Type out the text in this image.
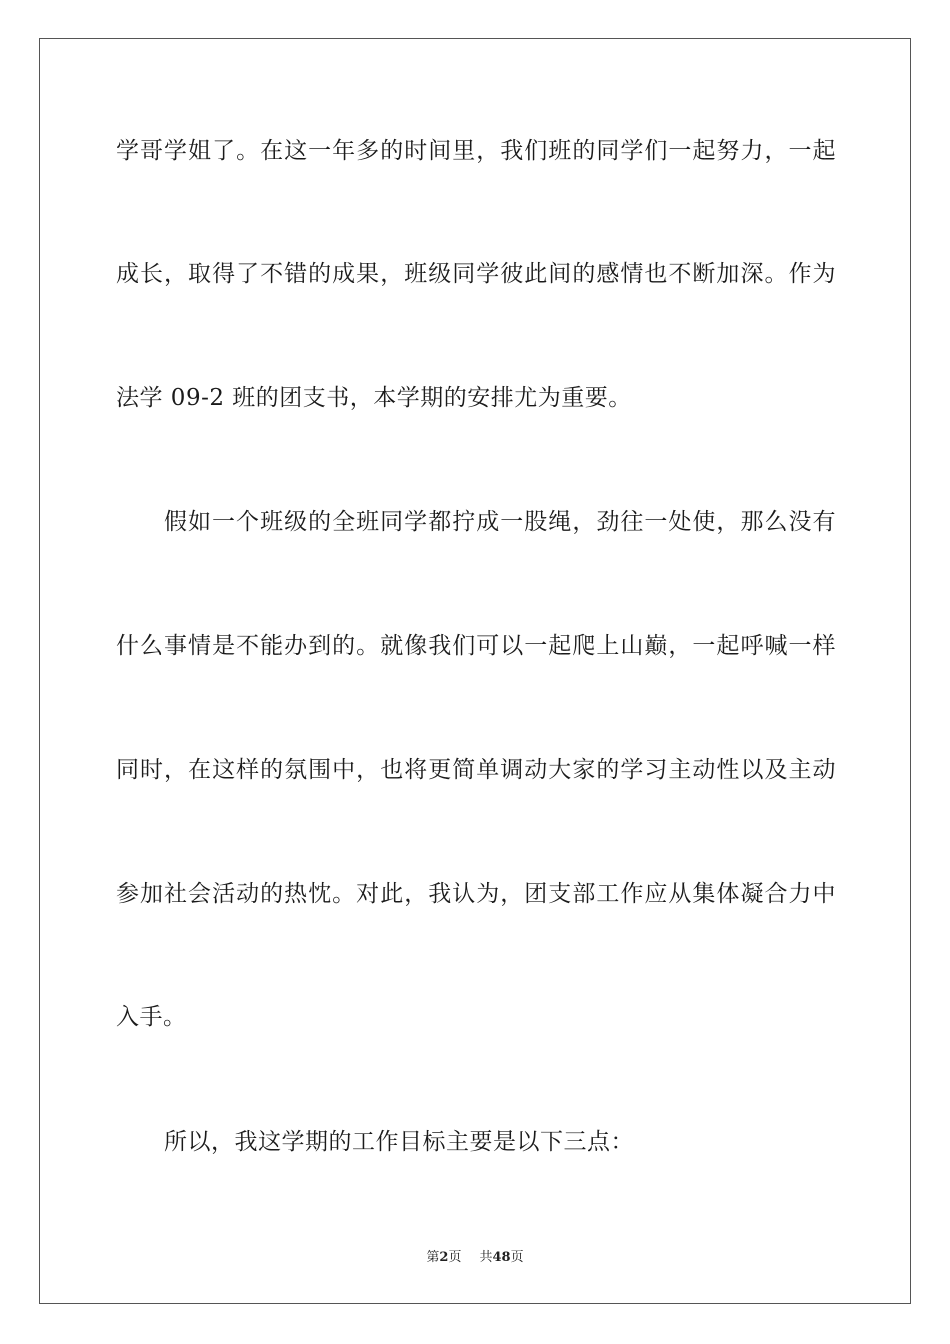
学哥学姐了。在这一年多的时间里，我们班的同学们一起努力，一起
成长，取得了不错的成果，班级同学彼此间的感情也不断加深。作为
法学 09-2 班的团支书，本学期的安排尤为重要。
假如一个班级的全班同学都拧成一股绳，劲往一处使，那么没有
什么事情是不能办到的。就像我们可以一起爬上山巅，一起呼喊一样
同时，在这样的氛围中，也将更简单调动大家的学习主动性以及主动
参加社会活动的热忱。对此，我认为，团支部工作应从集体凝合力中
入手。
所以，我这学期的工作目标主要是以下三点：
第2页 共48页
